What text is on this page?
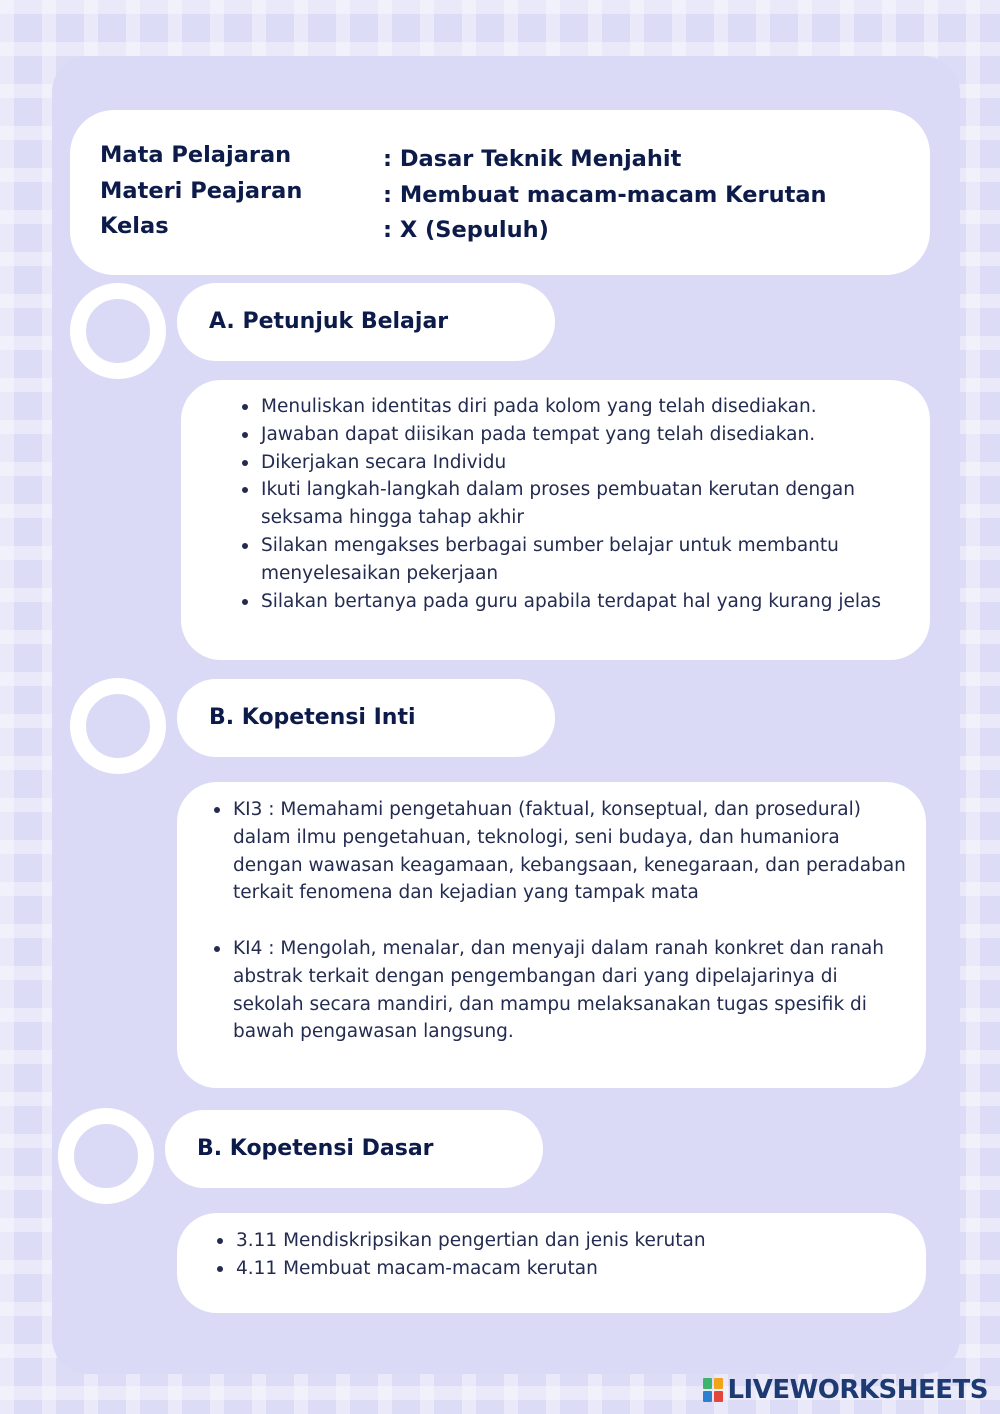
Mata Pelajaran
Materi Peajaran
Kelas
: Dasar Teknik Menjahit
: Membuat macam-macam Kerutan
: X (Sepuluh)
A. Petunjuk Belajar
Menuliskan identitas diri pada kolom yang telah disediakan.
Jawaban dapat diisikan pada tempat yang telah disediakan.
Dikerjakan secara Individu
Ikuti langkah-langkah dalam proses pembuatan kerutan dengan seksama hingga tahap akhir
Silakan mengakses berbagai sumber belajar untuk membantu menyelesaikan pekerjaan
Silakan bertanya pada guru apabila terdapat hal yang kurang jelas
B. Kopetensi Inti
KI3 : Memahami pengetahuan (faktual, konseptual, dan prosedural) dalam ilmu pengetahuan, teknologi, seni budaya, dan humaniora dengan wawasan keagamaan, kebangsaan, kenegaraan, dan peradaban terkait fenomena dan kejadian yang tampak mata
KI4 : Mengolah, menalar, dan menyaji dalam ranah konkret dan ranah abstrak terkait dengan pengembangan dari yang dipelajarinya di sekolah secara mandiri, dan mampu melaksanakan tugas spesifik di bawah pengawasan langsung.
B. Kopetensi Dasar
3.11 Mendiskripsikan pengertian dan jenis kerutan
4.11 Membuat macam-macam kerutan
LIVEWORKSHEETS
